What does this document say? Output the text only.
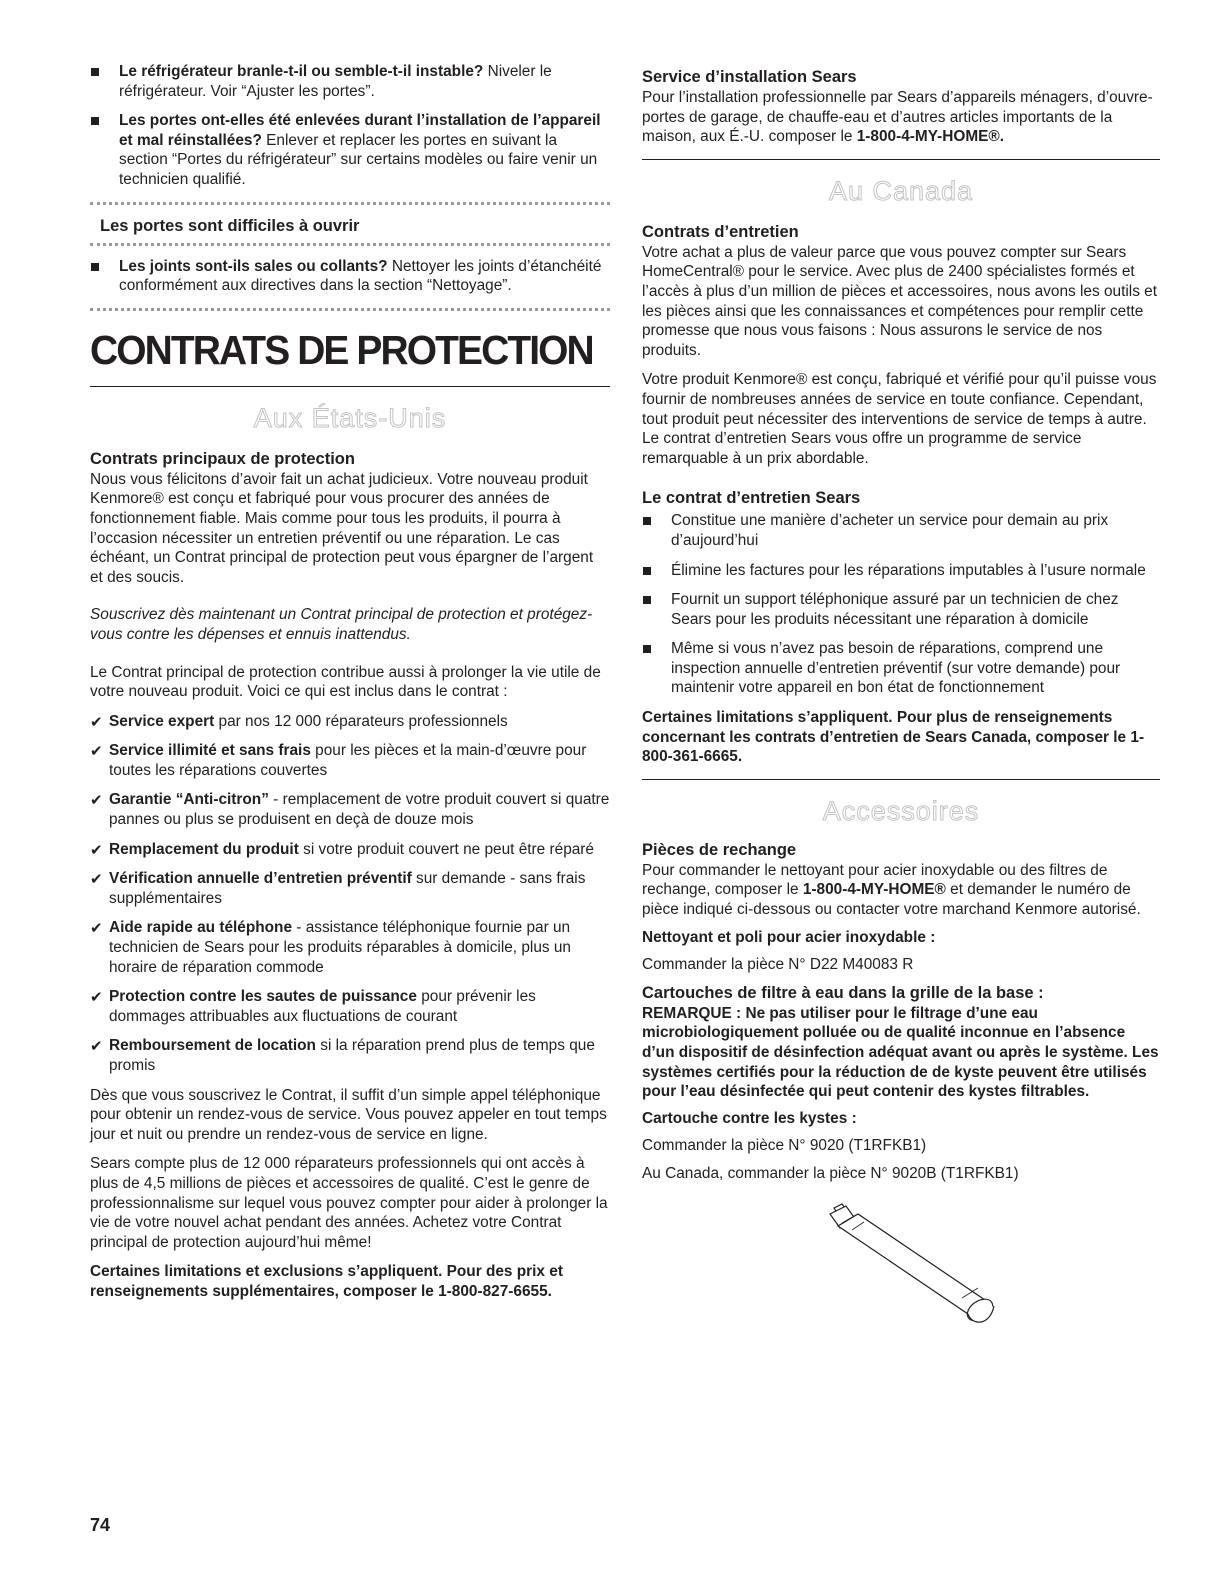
Le réfrigérateur branle-t-il ou semble-t-il instable? Niveler le réfrigérateur. Voir “Ajuster les portes”.
Les portes ont-elles été enlevées durant l’installation de l’appareil et mal réinstallées? Enlever et replacer les portes en suivant la section “Portes du réfrigérateur” sur certains modèles ou faire venir un technicien qualifié.
Les portes sont difficiles à ouvrir
Les joints sont-ils sales ou collants? Nettoyer les joints d’étanchéité conformément aux directives dans la section “Nettoyage”.
CONTRATS DE PROTECTION
Aux États-Unis
Contrats principaux de protection

Nous vous félicitons d’avoir fait un achat judicieux. Votre nouveau produit Kenmore® est conçu et fabriqué pour vous procurer des années de fonctionnement fiable. Mais comme pour tous les produits, il pourra à l’occasion nécessiter un entretien préventif ou une réparation. Le cas échéant, un Contrat principal de protection peut vous épargner de l’argent et des soucis.

Souscrivez dès maintenant un Contrat principal de protection et protégez-vous contre les dépenses et ennuis inattendus.

Le Contrat principal de protection contribue aussi à prolonger la vie utile de votre nouveau produit. Voici ce qui est inclus dans le contrat :

✔ Service expert par nos 12 000 réparateurs professionnels
✔ Service illimité et sans frais pour les pièces et la main-d’œuvre pour toutes les réparations couvertes
✔ Garantie “Anti-citron” - remplacement de votre produit couvert si quatre pannes ou plus se produisent en deçà de douze mois
✔ Remplacement du produit si votre produit couvert ne peut être réparé
✔ Vérification annuelle d’entretien préventif sur demande - sans frais supplémentaires
✔ Aide rapide au téléphone - assistance téléphonique fournie par un technicien de Sears pour les produits réparables à domicile, plus un horaire de réparation commode
✔ Protection contre les sautes de puissance pour prévenir les dommages attribuables aux fluctuations de courant
✔ Remboursement de location si la réparation prend plus de temps que promis

Dès que vous souscrivez le Contrat, il suffit d’un simple appel téléphonique pour obtenir un rendez-vous de service. Vous pouvez appeler en tout temps jour et nuit ou prendre un rendez-vous de service en ligne.

Sears compte plus de 12 000 réparateurs professionnels qui ont accès à plus de 4,5 millions de pièces et accessoires de qualité. C’est le genre de professionnalisme sur lequel vous pouvez compter pour aider à prolonger la vie de votre nouvel achat pendant des années. Achetez votre Contrat principal de protection aujourd’hui même!

Certaines limitations et exclusions s’appliquent. Pour des prix et renseignements supplémentaires, composer le 1-800-827-6655.

Service d’installation Sears

Pour l’installation professionnelle par Sears d’appareils ménagers, d’ouvre-portes de garage, de chauffe-eau et d’autres articles importants de la maison, aux É.-U. composer le 1-800-4-MY-HOME®.

Au Canada
Contrats d’entretien

Votre achat a plus de valeur parce que vous pouvez compter sur Sears HomeCentral® pour le service. Avec plus de 2400 spécialistes formés et l’accès à plus d’un million de pièces et accessoires, nous avons les outils et les pièces ainsi que les connaissances et compétences pour remplir cette promesse que nous vous faisons : Nous assurons le service de nos produits.

Votre produit Kenmore® est conçu, fabriqué et vérifié pour qu’il puisse vous fournir de nombreuses années de service en toute confiance. Cependant, tout produit peut nécessiter des interventions de service de temps à autre. Le contrat d’entretien Sears vous offre un programme de service remarquable à un prix abordable.

Le contrat d’entretien Sears
Constitue une manière d’acheter un service pour demain au prix d’aujourd’hui
Élimine les factures pour les réparations imputables à l’usure normale
Fournit un support téléphonique assuré par un technicien de chez Sears pour les produits nécessitant une réparation à domicile
Même si vous n’avez pas besoin de réparations, comprend une inspection annuelle d’entretien préventif (sur votre demande) pour maintenir votre appareil en bon état de fonctionnement

Certaines limitations s’appliquent. Pour plus de renseignements concernant les contrats d’entretien de Sears Canada, composer le 1-800-361-6665.

Accessoires
Pièces de rechange

Pour commander le nettoyant pour acier inoxydable ou des filtres de rechange, composer le 1-800-4-MY-HOME® et demander le numéro de pièce indiqué ci-dessous ou contacter votre marchand Kenmore autorisé.

Nettoyant et poli pour acier inoxydable :

Commander la pièce N° D22 M40083 R

Cartouches de filtre à eau dans la grille de la base :

REMARQUE : Ne pas utiliser pour le filtrage d’une eau microbiologiquement polluée ou de qualité inconnue en l’absence d’un dispositif de désinfection adéquat avant ou après le système. Les systèmes certifiés pour la réduction de de kyste peuvent être utilisés pour l’eau désinfectée qui peut contenir des kystes filtrables.

Cartouche contre les kystes :

Commander la pièce N° 9020 (T1RFKB1)

Au Canada, commander la pièce N° 9020B (T1RFKB1)

74
